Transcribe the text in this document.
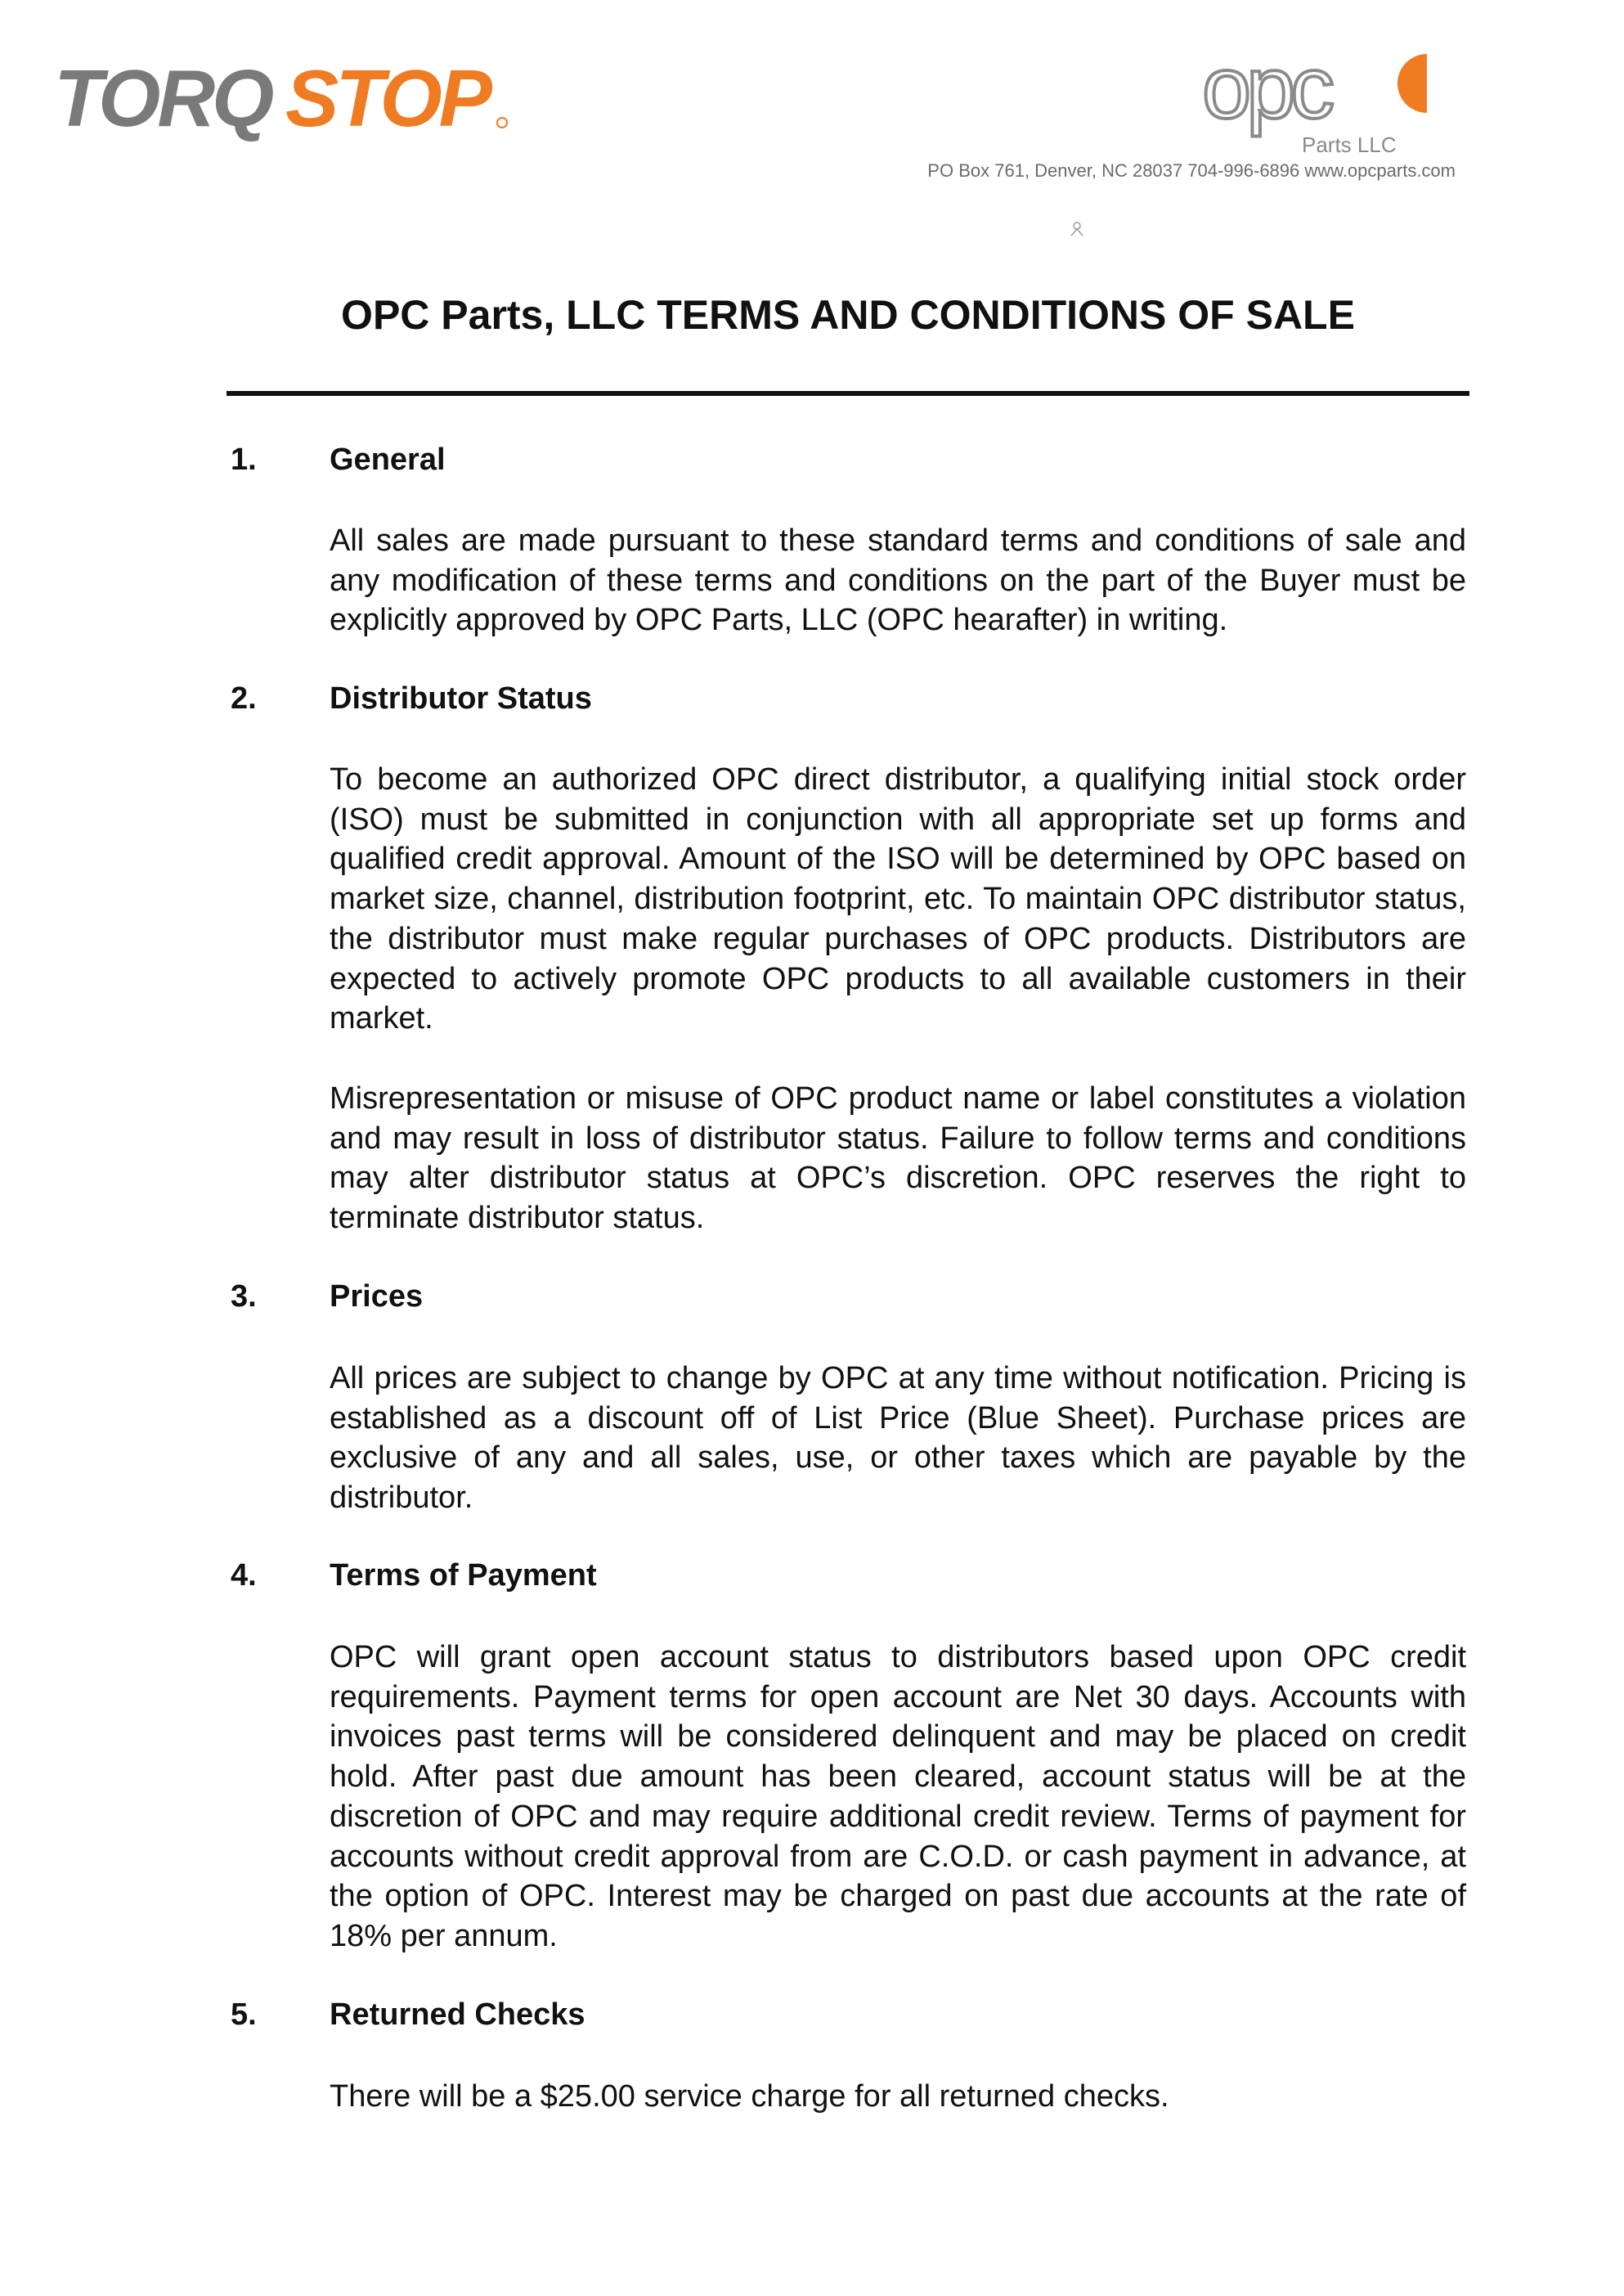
TORQ STOP	opc
Parts LLC
PO Box 761, Denver, NC 28037 704-996-6896 www.opcparts.com
OPC Parts, LLC TERMS AND CONDITIONS OF SALE
1. General

All sales are made pursuant to these standard terms and conditions of sale and any modification of these terms and conditions on the part of the Buyer must be explicitly approved by OPC Parts, LLC (OPC hearafter) in writing.

2. Distributor Status

To become an authorized OPC direct distributor, a qualifying initial stock order (ISO) must be submitted in conjunction with all appropriate set up forms and qualified credit approval. Amount of the ISO will be determined by OPC based on market size, channel, distribution footprint, etc. To maintain OPC distributor status, the distributor must make regular purchases of OPC products. Distributors are expected to actively promote OPC products to all available customers in their market.

Misrepresentation or misuse of OPC product name or label constitutes a violation and may result in loss of distributor status. Failure to follow terms and conditions may alter distributor status at OPC’s discretion. OPC reserves the right to terminate distributor status.

3. Prices

All prices are subject to change by OPC at any time without notification. Pricing is established as a discount off of List Price (Blue Sheet). Purchase prices are exclusive of any and all sales, use, or other taxes which are payable by the distributor.

4. Terms of Payment

OPC will grant open account status to distributors based upon OPC credit requirements. Payment terms for open account are Net 30 days. Accounts with invoices past terms will be considered delinquent and may be placed on credit hold. After past due amount has been cleared, account status will be at the discretion of OPC and may require additional credit review. Terms of payment for accounts without credit approval from are C.O.D. or cash payment in advance, at the option of OPC. Interest may be charged on past due accounts at the rate of 18% per annum.

5. Returned Checks

There will be a $25.00 service charge for all returned checks.
